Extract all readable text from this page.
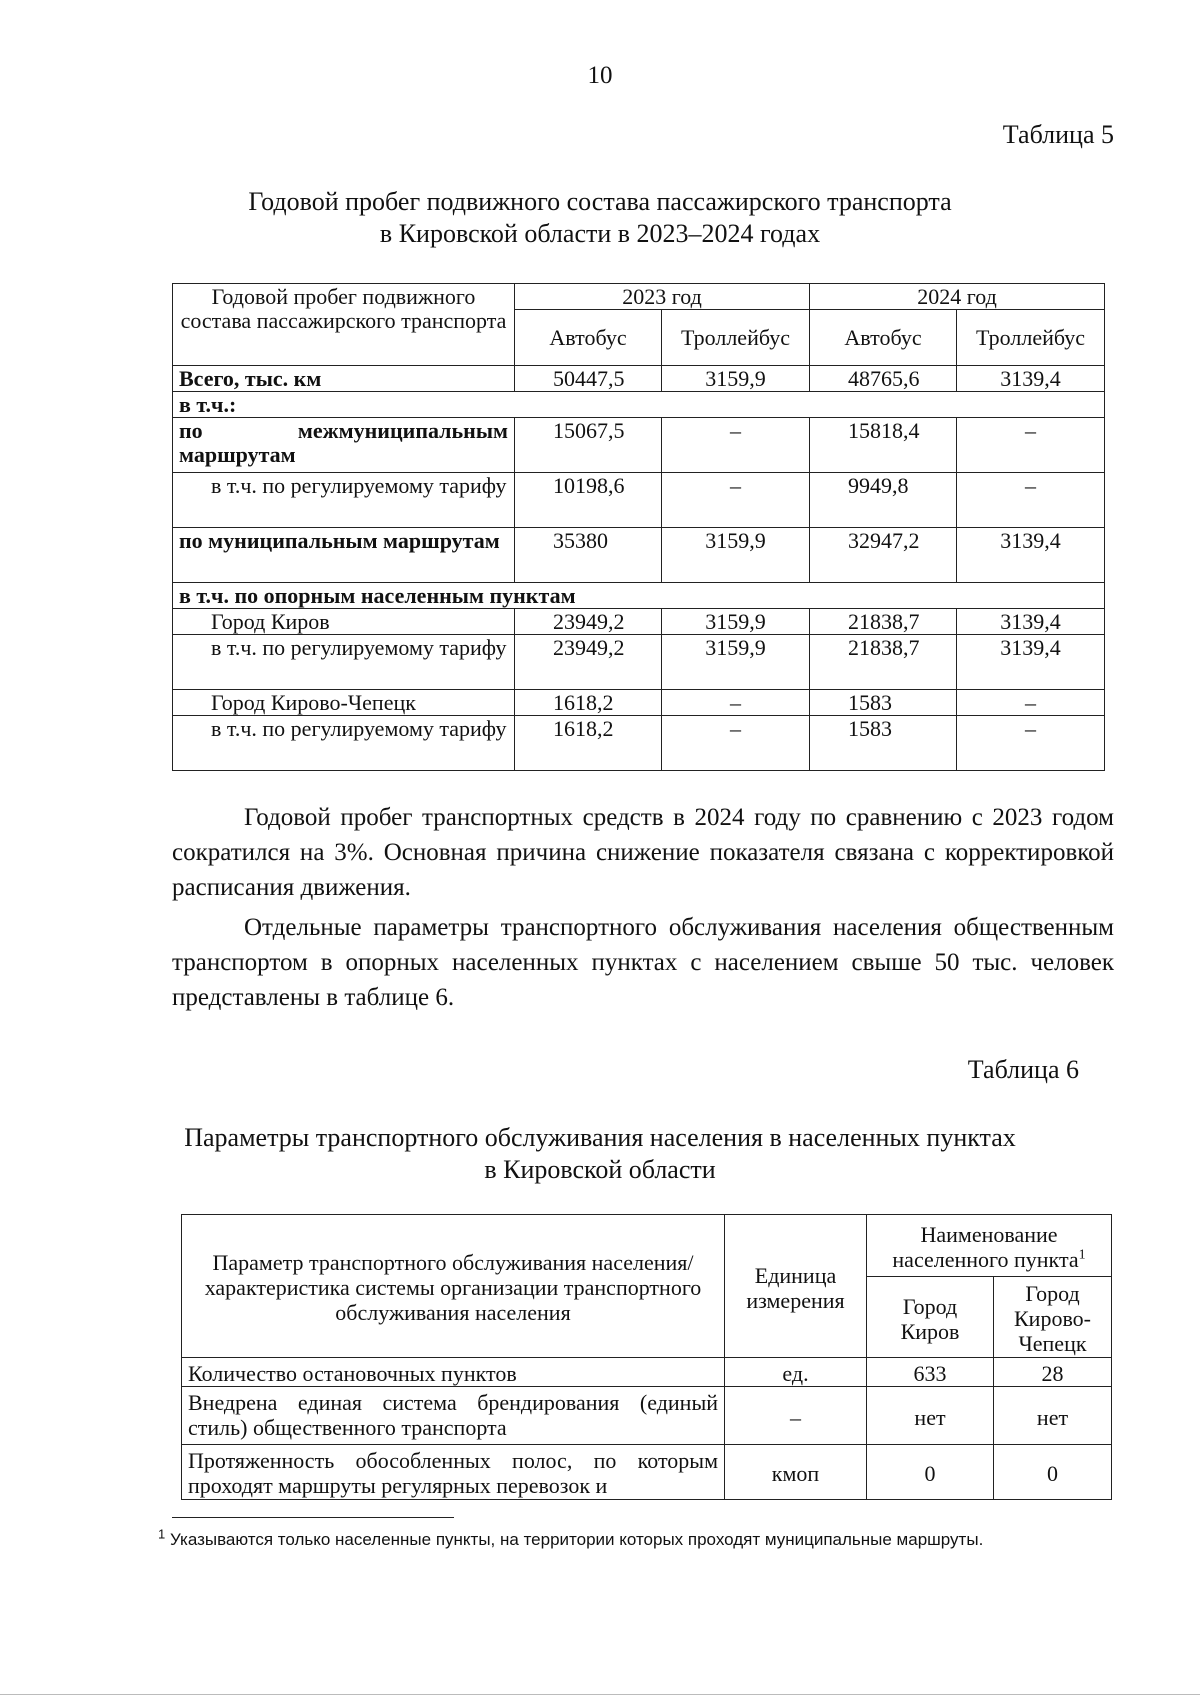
10
Таблица 5
Годовой пробег подвижного состава пассажирского транспорта
в Кировской области в 2023–2024 годах
Годовой пробег подвижного состава пассажирского транспорта	2023 год		2024 год	
	Автобус	Троллейбус	Автобус	Троллейбус
Всего, тыс. км	50447,5	3159,9	48765,6	3139,4
в т.ч.:				
по межмуниципальным маршрутам	15067,5	–	15818,4	–
в т.ч. по регулируемому тарифу	10198,6	–	9949,8	–
по муниципальным маршрутам	35380	3159,9	32947,2	3139,4
в т.ч. по опорным населенным пунктам				
Город Киров	23949,2	3159,9	21838,7	3139,4
в т.ч. по регулируемому тарифу	23949,2	3159,9	21838,7	3139,4
Город Кирово-Чепецк	1618,2	–	1583	–
в т.ч. по регулируемому тарифу	1618,2	–	1583	–

Годовой пробег транспортных средств в 2024 году по сравнению с 2023 годом сократился на 3%. Основная причина снижение показателя связана с корректировкой расписания движения.

Отдельные параметры транспортного обслуживания населения общественным транспортом в опорных населенных пунктах с населением свыше 50 тыс. человек представлены в таблице 6.

Таблица 6
Параметры транспортного обслуживания населения в населенных пунктах
в Кировской области
Параметр транспортного обслуживания населения/ характеристика системы организации транспортного обслуживания населения	Единица измерения	Наименование населенного пункта$^1$
		Город Киров	Город Кирово-Чепецк
Количество остановочных пунктов	ед.	633	28
Внедрена единая система брендирования (единый стиль) общественного транспорта	–	нет	нет
Протяженность обособленных полос, по которым проходят маршруты регулярных перевозок и	кмоп	0	0
$^1$ Указываются только населенные пункты, на территории которых проходят муниципальные маршруты.
